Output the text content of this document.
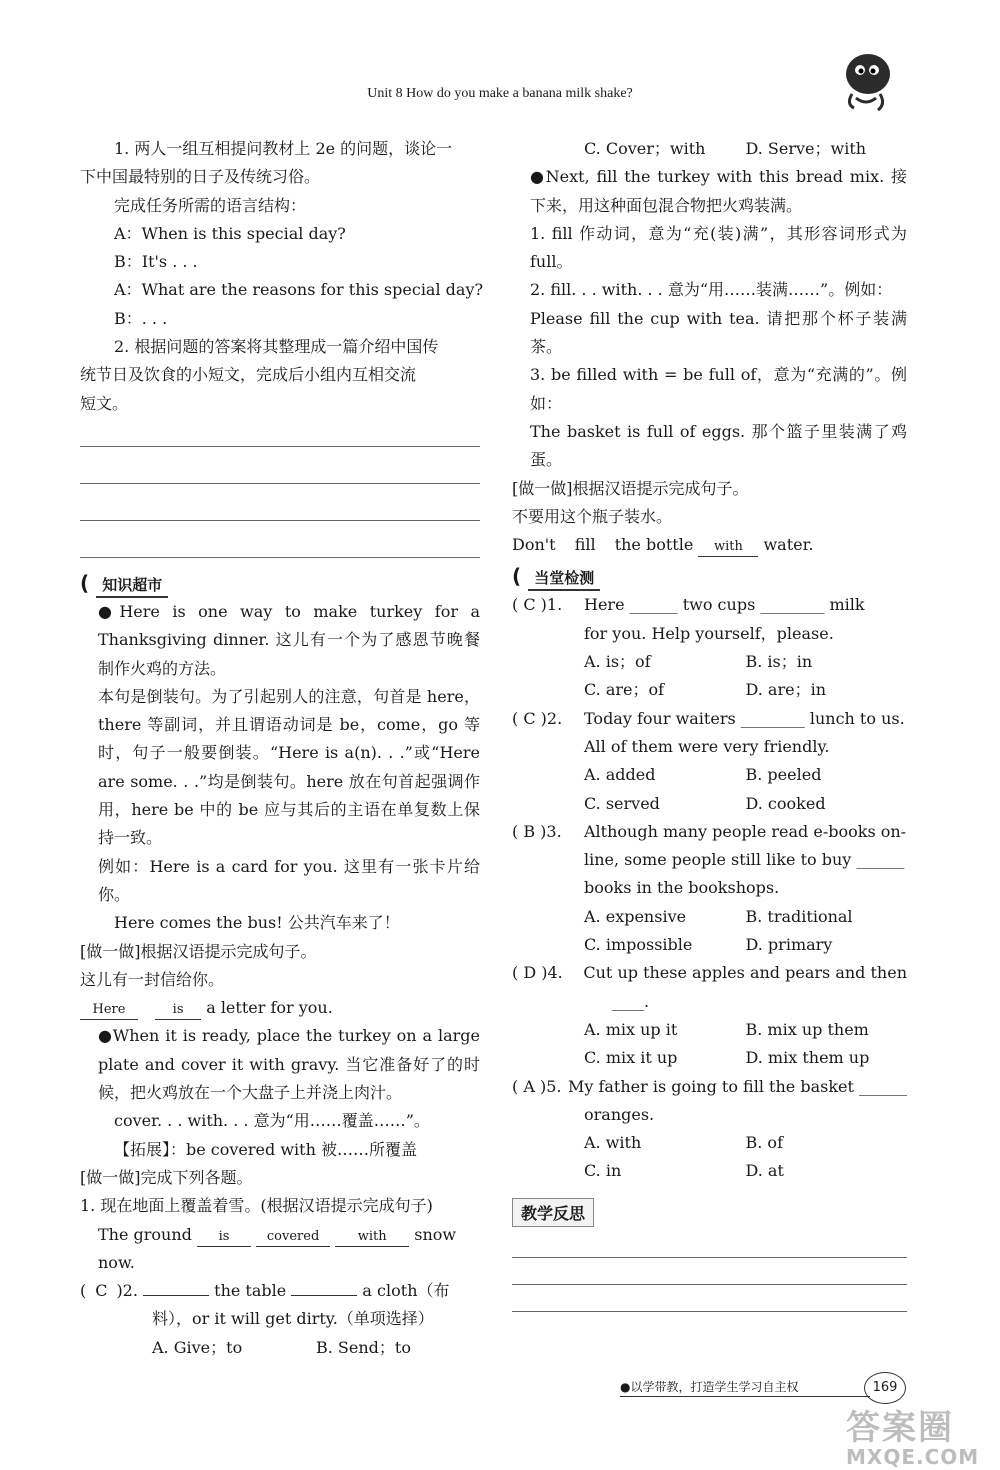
Unit 8 How do you make a banana milk shake?

1. 两人一组互相提问教材上 2e 的问题，谈论一

下中国最特别的日子及传统习俗。

完成任务所需的语言结构：

A：When is this special day?

B：It's . . .

A：What are the reasons for this special day?

B：. . .

2. 根据问题的答案将其整理成一篇介绍中国传

统节日及饮食的小短文，完成后小组内互相交流

短文。

( 知识超市

●Here is one way to make turkey for a Thanksgiving dinner. 这儿有一个为了感恩节晚餐制作火鸡的方法。

本句是倒装句。为了引起别人的注意，句首是 here，there 等副词，并且谓语动词是 be，come，go 等时，句子一般要倒装。“Here is a(n). . .”或“Here are some. . .”均是倒装句。here 放在句首起强调作用，here be 中的 be 应与其后的主语在单复数上保持一致。

例如：Here is a card for you. 这里有一张卡片给你。

Here comes the bus! 公共汽车来了！

[做一做]根据汉语提示完成句子。

这儿有一封信给你。

Here	is a letter for you.

●When it is ready, place the turkey on a large plate and cover it with gravy. 当它准备好了的时候，把火鸡放在一个大盘子上并浇上肉汁。

cover. . . with. . . 意为“用……覆盖……”。

【拓展】：be covered with 被……所覆盖

[做一做]完成下列各题。

1. 现在地面上覆盖着雪。(根据汉语提示完成句子)

The ground is	covered	with snow

now.

( C )2.	the table	a cloth（布

料），or it will get dirty.（单项选择）

A. Give；to	B. Send；to
C. Cover；with	D. Serve；with

●Next, fill the turkey with this bread mix. 接下来，用这种面包混合物把火鸡装满。

1. fill 作动词，意为“充(装)满”，其形容词形式为 full。

2. fill. . . with. . . 意为“用……装满……”。例如：

Please fill the cup with tea. 请把那个杯子装满茶。

3. be filled with = be full of，意为“充满的”。例如：

The basket is full of eggs. 那个篮子里装满了鸡蛋。

[做一做]根据汉语提示完成句子。

不要用这个瓶子装水。

Don't fill the bottle with water.

( 当堂检测
( C )1.	Here ______ two cups ________ milk
for you. Help yourself，please.
A. is；of	B. is；in
C. are；of	D. are；in
( C )2.	Today four waiters ________ lunch to us.
All of them were very friendly.
A. added	B. peeled
C. served	D. cooked
( B )3.	Although many people read e-books on-
line, some people still like to buy ______
books in the bookshops.
A. expensive	B. traditional
C. impossible	D. primary
( D )4.	Cut up these apples and pears and then
____.
A. mix up it	B. mix up them
C. mix it up	D. mix them up
( A )5. My father is going to fill the basket ______
oranges.
A. with	B. of
C. in	D. at
教学反思
●以学带教，打造学生学习自主权	169
答案圈
MXQE.COM
